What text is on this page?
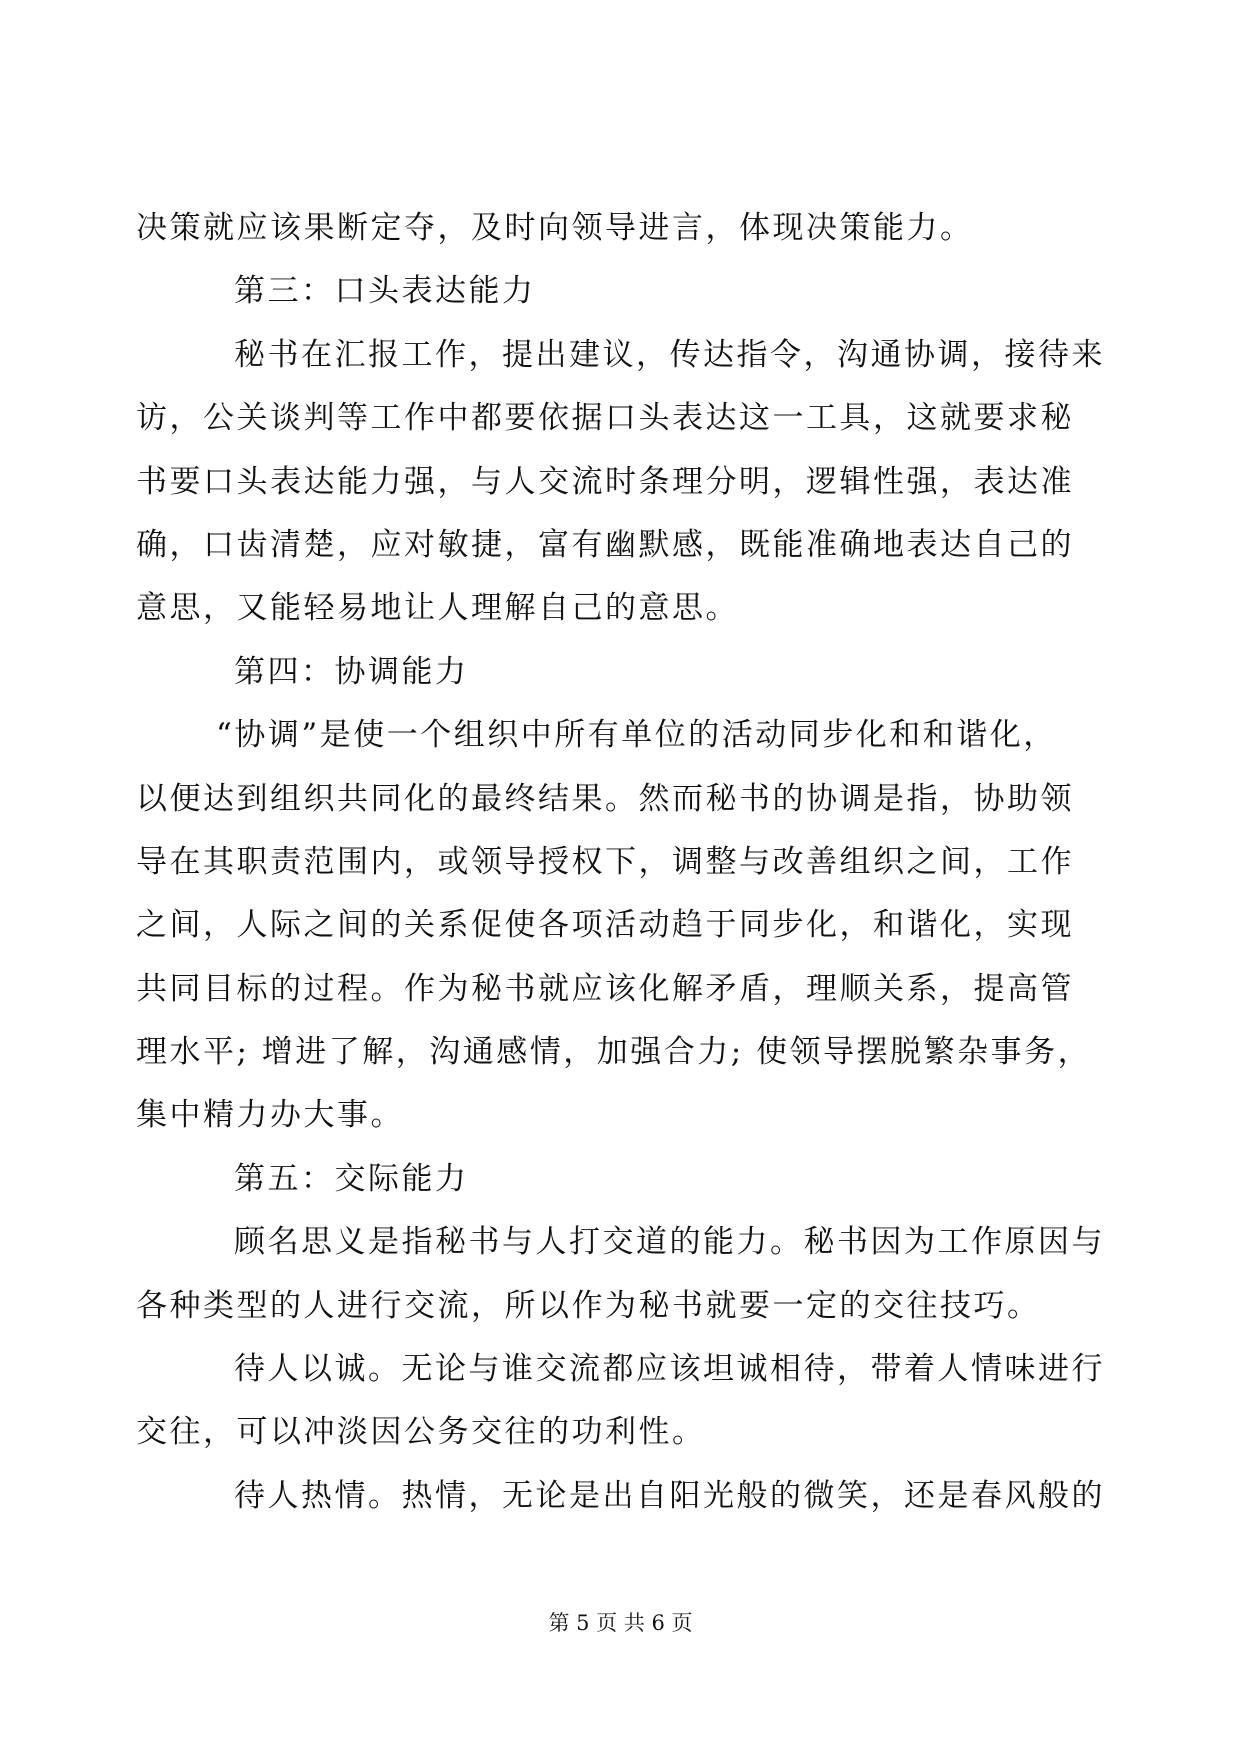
决策就应该果断定夺，及时向领导进言，体现决策能力。
第三：口头表达能力
秘书在汇报工作，提出建议，传达指令，沟通协调，接待来
访，公关谈判等工作中都要依据口头表达这一工具，这就要求秘
书要口头表达能力强，与人交流时条理分明，逻辑性强，表达准
确，口齿清楚，应对敏捷，富有幽默感，既能准确地表达自己的
意思，又能轻易地让人理解自己的意思。
第四：协调能力
“协调”是使一个组织中所有单位的活动同步化和和谐化，
以便达到组织共同化的最终结果。然而秘书的协调是指，协助领
导在其职责范围内，或领导授权下，调整与改善组织之间，工作
之间，人际之间的关系促使各项活动趋于同步化，和谐化，实现
共同目标的过程。作为秘书就应该化解矛盾，理顺关系，提高管
理水平; 增进了解，沟通感情，加强合力; 使领导摆脱繁杂事务，
集中精力办大事。
第五：交际能力
顾名思义是指秘书与人打交道的能力。秘书因为工作原因与
各种类型的人进行交流，所以作为秘书就要一定的交往技巧。
待人以诚。无论与谁交流都应该坦诚相待，带着人情味进行
交往，可以冲淡因公务交往的功利性。
待人热情。热情，无论是出自阳光般的微笑，还是春风般的
第 5 页 共 6 页
